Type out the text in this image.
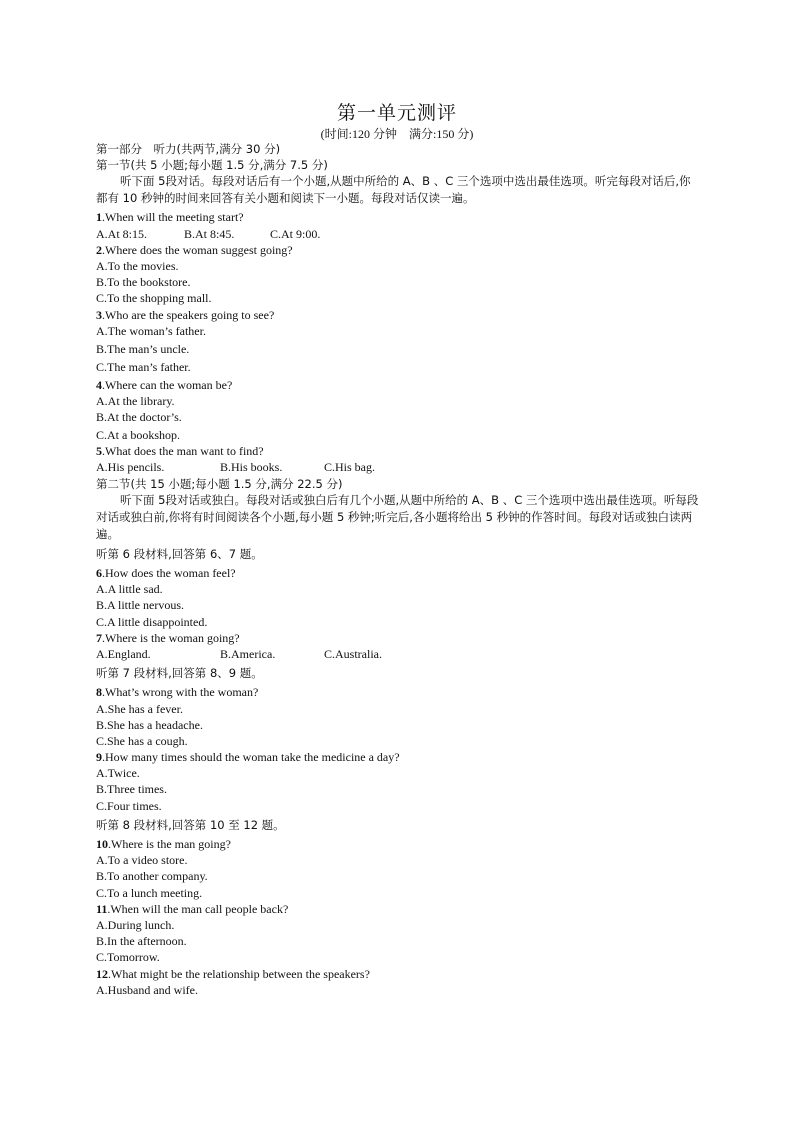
第一单元测评
(时间:120 分钟　满分:150 分)
第一部分　听力(共两节,满分 30 分)
第一节(共 5 小题;每小题 1.5 分,满分 7.5 分)
听下面 5段对话。每段对话后有一个小题,从题中所给的 A、B 、C 三个选项中选出最佳选项。听完每段对话后,你都有 10 秒钟的时间来回答有关小题和阅读下一小题。每段对话仅读一遍。
1.When will the meeting start?
A.At 8:15.	B.At 8:45.	C.At 9:00.
2.Where does the woman suggest going?
A.To the movies.
B.To the bookstore.
C.To the shopping mall.
3.Who are the speakers going to see?
A.The woman’s father.
B.The man’s uncle.
C.The man’s father.
4.Where can the woman be?
A.At the library.
B.At the doctor’s.
C.At a bookshop.
5.What does the man want to find?
A.His pencils.	B.His books.	C.His bag.
第二节(共 15 小题;每小题 1.5 分,满分 22.5 分)
听下面 5段对话或独白。每段对话或独白后有几个小题,从题中所给的 A、B 、C 三个选项中选出最佳选项。听每段对话或独白前,你将有时间阅读各个小题,每小题 5 秒钟;听完后,各小题将给出 5 秒钟的作答时间。每段对话或独白读两遍。
听第 6 段材料,回答第 6、7 题。
6.How does the woman feel?
A.A little sad.
B.A little nervous.
C.A little disappointed.
7.Where is the woman going?
A.England.	B.America.	C.Australia.
听第 7 段材料,回答第 8、9 题。
8.What’s wrong with the woman?
A.She has a fever.
B.She has a headache.
C.She has a cough.
9.How many times should the woman take the medicine a day?
A.Twice.
B.Three times.
C.Four times.
听第 8 段材料,回答第 10 至 12 题。
10.Where is the man going?
A.To a video store.
B.To another company.
C.To a lunch meeting.
11.When will the man call people back?
A.During lunch.
B.In the afternoon.
C.Tomorrow.
12.What might be the relationship between the speakers?
A.Husband and wife.
